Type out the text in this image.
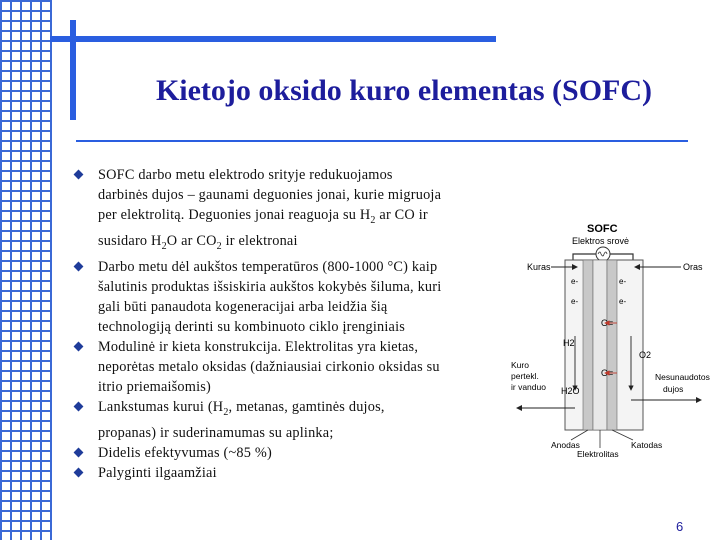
Kietojo oksido kuro elementas (SOFC)
SOFC darbo metu elektrodo srityje redukuojamos
darbinės dujos – gaunami deguonies jonai, kurie migruoja
per elektrolitą. Deguonies jonai reaguoja su $H_2$ ar CO ir
susidaro $H_2O$ ar $CO_2$ ir elektronai
Darbo metu dėl aukštos temperatūros (800-1000 °C) kaip
šalutinis produktas išsiskiria aukštos kokybės šiluma, kuri
gali būti panaudota kogeneracijai arba leidžia šią
technologiją derinti su kombinuoto ciklo įrenginiais
Modulinė ir kieta konstrukcija. Elektrolitas yra kietas,
neporėtas metalo oksidas (dažniausiai cirkonio oksidas su
itrio priemaišomis)
Lankstumas kurui ($H_2$, metanas, gamtinės dujos,
propanas) ir suderinamumas su aplinka;
Didelis efektyvumas (~85 %)
Palyginti ilgaamžiai
SOFC
Elektros srovė
Kuras	Oras
e-
e-
e-
e-
O=
O=
H2
O2
Kuro
pertekl.
ir vanduo H2O
Nesunaudotos
dujos
Anodas
Elektrolitas
Katodas
6
